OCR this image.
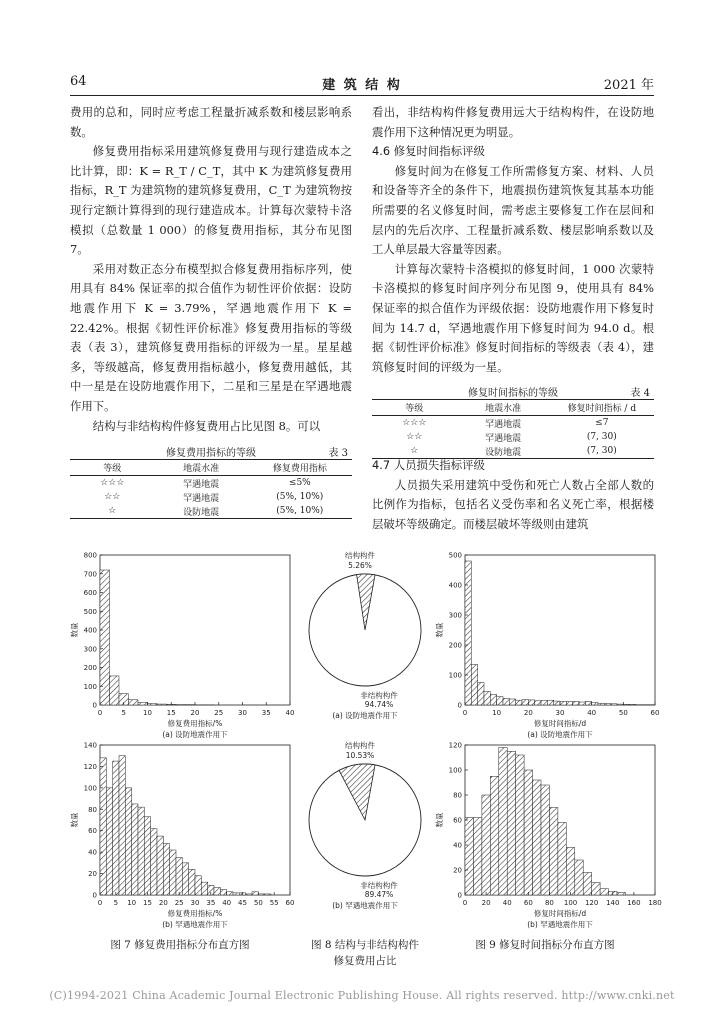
64	建 筑 结 构	2021 年

费用的总和，同时应考虑工程量折减系数和楼层影响系数。

修复费用指标采用建筑修复费用与现行建造成本之比计算，即：K = R_T / C_T，其中 K 为建筑修复费用指标，R_T 为建筑物的建筑修复费用，C_T 为建筑物按现行定额计算得到的现行建造成本。计算每次蒙特卡洛模拟（总数量 1 000）的修复费用指标，其分布见图 7。

采用对数正态分布模型拟合修复费用指标序列，使用具有 84% 保证率的拟合值作为韧性评价依据：设防地震作用下 K = 3.79%，罕遇地震作用下 K = 22.42%。根据《韧性评价标准》修复费用指标的等级表（表 3），建筑修复费用指标的评级为一星。星星越多，等级越高，修复费用指标越小，修复费用越低，其中一星是在设防地震作用下，二星和三星是在罕遇地震作用下。

结构与非结构构件修复费用占比见图 8。可以

修复费用指标的等级	表 3
等级	地震水准	修复费用指标
☆☆☆	罕遇地震	≤5%
☆☆	罕遇地震	(5%, 10%)
☆	设防地震	(5%, 10%)

看出，非结构构件修复费用远大于结构构件，在设防地震作用下这种情况更为明显。

4.6 修复时间指标评级

修复时间为在修复工作所需修复方案、材料、人员和设备等齐全的条件下，地震损伤建筑恢复其基本功能所需要的名义修复时间，需考虑主要修复工作在层间和层内的先后次序、工程量折减系数、楼层影响系数以及工人单层最大容量等因素。

计算每次蒙特卡洛模拟的修复时间，1 000 次蒙特卡洛模拟的修复时间序列分布见图 9，使用具有 84% 保证率的拟合值作为评级依据：设防地震作用下修复时间为 14.7 d，罕遇地震作用下修复时间为 94.0 d。根据《韧性评价标准》修复时间指标的等级表（表 4），建筑修复时间的评级为一星。

修复时间指标的等级	表 4
等级	地震水准	修复时间指标 / d
☆☆☆	罕遇地震	≤7
☆☆	罕遇地震	(7, 30)
☆	设防地震	(7, 30)

4.7 人员损失指标评级

人员损失采用建筑中受伤和死亡人数占全部人数的比例作为指标，包括名义受伤率和名义死亡率，根据楼层破坏等级确定。而楼层破坏等级则由建筑

0	5 10 15 20 25 30 35 40
0
100
200
300
400
500
600
700
800
修复费用指标/%
数量
(a) 设防地震作用下
结构构件
5.26%
非结构构件
94.74%
(a) 设防地震作用下	0	10	20	30	40	50	60
0
100
200
300
400
500
修复时间指标/d
数量
(a) 设防地震作用下
0 5 10 15 20 25 30 35 40 45 50 55 60
0
20
40
60
80
100
120
140
修复费用指标/%
数量
(b) 罕遇地震作用下
结构构件
10.53%
非结构构件
89.47%
(b) 罕遇地震作用下	0 20 40 60 80 100 120 140 160 180
0
20
40
60
80
100
120
修复时间指标/d
数量
(b) 罕遇地震作用下
图 7 修复费用指标分布直方图	图 8 结构与非结构构件
修复费用占比
图 9 修复时间指标分布直方图
(C)1994-2021 China Academic Journal Electronic Publishing House. All rights reserved. http://www.cnki.net
